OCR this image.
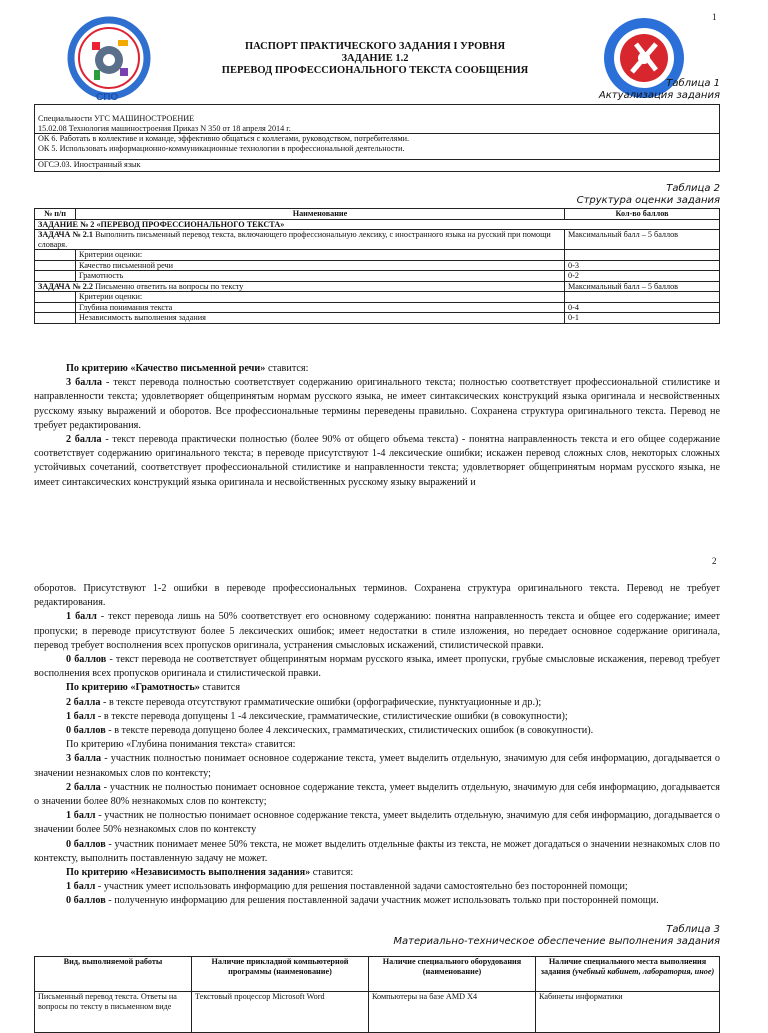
1
СПО
ПАСПОРТ ПРАКТИЧЕСКОГО ЗАДАНИЯ I УРОВНЯ
ЗАДАНИЕ 1.2
ПЕРЕВОД ПРОФЕССИОНАЛЬНОГО ТЕКСТА СООБЩЕНИЯ
Таблица 1
Актуализация задания
Специальности УГС МАШИНОСТРОЕНИЕ
15.02.08 Технология машиностроения Приказ N 350 от 18 апреля 2014 г.

ОК 6. Работать в коллективе и команде, эффективно общаться с коллегами, руководством, потребителями.
ОК 5. Использовать информационно-коммуникационные технологии в профессиональной деятельности.

ОГСЭ.03. Иностранный язык
Таблица 2
Структура оценки задания
№ п/п	Наименование	Кол-во баллов
ЗАДАНИЕ № 2 «ПЕРЕВОД ПРОФЕССИОНАЛЬНОГО ТЕКСТА»		
ЗАДАЧА № 2.1 Выполнить письменный перевод текста, включающего профессиональную лексику, с иностранного языка на русский при помощи словаря.		Максимальный балл – 5 баллов
	Критерии оценки:	
	Качество письменной речи	0-3
	Грамотность	0-2
ЗАДАЧА № 2.2 Письменно ответить на вопросы по тексту		Максимальный балл – 5 баллов
	Критерии оценки:	
	Глубина понимания текста	0-4
	Независимость выполнения задания	0-1

По критерию «Качество письменной речи» ставится:

3 балла - текст перевода полностью соответствует содержанию оригинального текста; полностью соответствует профессиональной стилистике и направленности текста; удовлетворяет общепринятым нормам русского языка, не имеет синтаксических конструкций языка оригинала и несвойственных русскому языку выражений и оборотов. Все профессиональные термины переведены правильно. Сохранена структура оригинального текста. Перевод не требует редактирования.

2 балла - текст перевода практически полностью (более 90% от общего объема текста) - понятна направленность текста и его общее содержание соответствует содержанию оригинального текста; в переводе присутствуют 1-4 лексические ошибки; искажен перевод сложных слов, некоторых сложных устойчивых сочетаний, соответствует профессиональной стилистике и направленности текста; удовлетворяет общепринятым нормам русского языка, не имеет синтаксических конструкций языка оригинала и несвойственных русскому языку выражений и

2

оборотов. Присутствуют 1-2 ошибки в переводе профессиональных терминов. Сохранена структура оригинального текста. Перевод не требует редактирования.

1 балл - текст перевода лишь на 50% соответствует его основному содержанию: понятна направленность текста и общее его содержание; имеет пропуски; в переводе присутствуют более 5 лексических ошибок; имеет недостатки в стиле изложения, но передает основное содержание оригинала, перевод требует восполнения всех пропусков оригинала, устранения смысловых искажений, стилистической правки.

0 баллов - текст перевода не соответствует общепринятым нормам русского языка, имеет пропуски, грубые смысловые искажения, перевод требует восполнения всех пропусков оригинала и стилистической правки.

По критерию «Грамотность» ставится

2 балла - в тексте перевода отсутствуют грамматические ошибки (орфографические, пунктуационные и др.);

1 балл - в тексте перевода допущены 1 -4 лексические, грамматические, стилистические ошибки (в совокупности);

0 баллов - в тексте перевода допущено более 4 лексических, грамматических, стилистических ошибок (в совокупности).

По критерию «Глубина понимания текста» ставится:

3 балла - участник полностью понимает основное содержание текста, умеет выделить отдельную, значимую для себя информацию, догадывается о значении незнакомых слов по контексту;

2 балла - участник не полностью понимает основное содержание текста, умеет выделить отдельную, значимую для себя информацию, догадывается о значении более 80% незнакомых слов по контексту;

1 балл - участник не полностью понимает основное содержание текста, умеет выделить отдельную, значимую для себя информацию, догадывается о значении более 50% незнакомых слов по контексту

0 баллов - участник понимает менее 50% текста, не может выделить отдельные факты из текста, не может догадаться о значении незнакомых слов по контексту, выполнить поставленную задачу не может.

По критерию «Независимость выполнения задания» ставится:

1 балл - участник умеет использовать информацию для решения поставленной задачи самостоятельно без посторонней помощи;

0 баллов - полученную информацию для решения поставленной задачи участник может использовать только при посторонней помощи.

Таблица 3
Материально-техническое обеспечение выполнения задания
Вид, выполняемой работы	Наличие прикладной компьютерной программы (наименование)	Наличие специального оборудования (наименование)	Наличие специального места выполнения задания (учебный кабинет, лаборатория, иное)
Письменный перевод текста. Ответы на вопросы по тексту в письменном виде	Текстовый процессор Microsoft Word	Компьютеры на базе AMD X4	Кабинеты информатики
